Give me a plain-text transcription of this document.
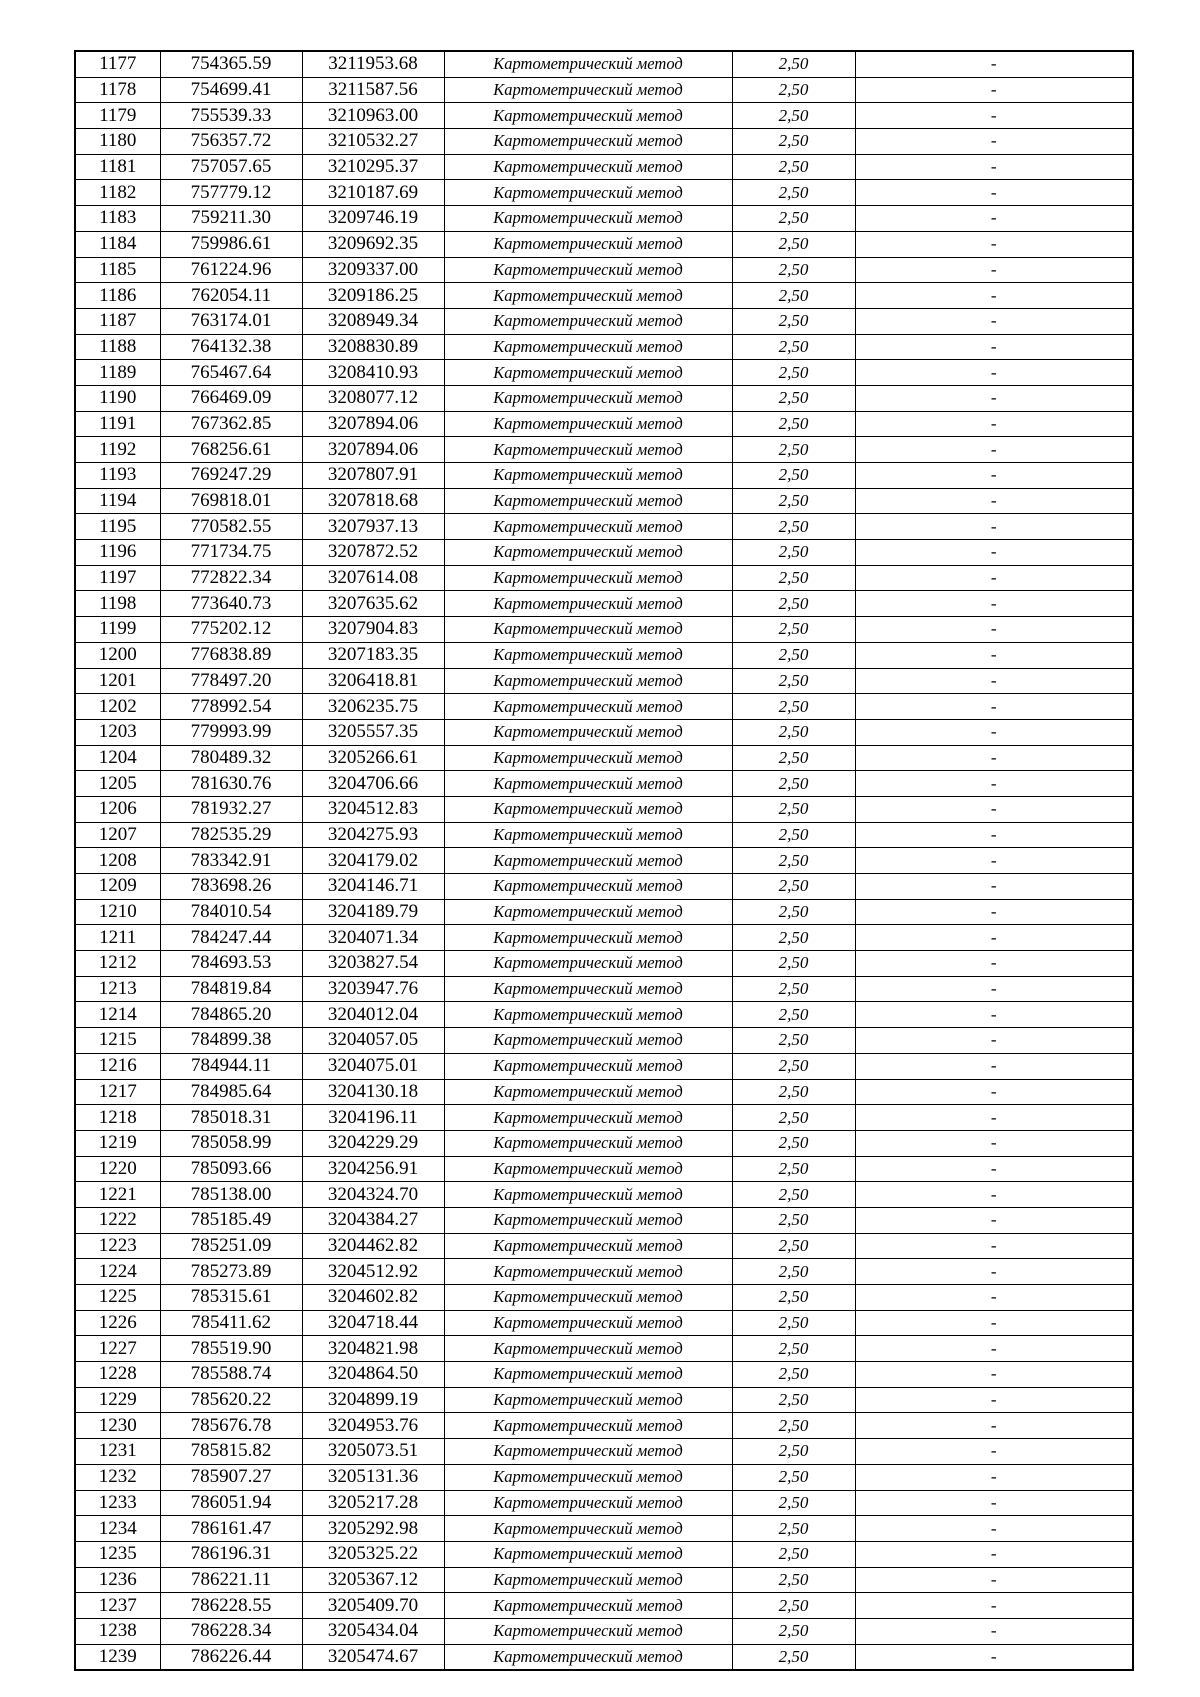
1177	754365.59	3211953.68	Картометрический метод	2,50	-
1178	754699.41	3211587.56	Картометрический метод	2,50	-
1179	755539.33	3210963.00	Картометрический метод	2,50	-
1180	756357.72	3210532.27	Картометрический метод	2,50	-
1181	757057.65	3210295.37	Картометрический метод	2,50	-
1182	757779.12	3210187.69	Картометрический метод	2,50	-
1183	759211.30	3209746.19	Картометрический метод	2,50	-
1184	759986.61	3209692.35	Картометрический метод	2,50	-
1185	761224.96	3209337.00	Картометрический метод	2,50	-
1186	762054.11	3209186.25	Картометрический метод	2,50	-
1187	763174.01	3208949.34	Картометрический метод	2,50	-
1188	764132.38	3208830.89	Картометрический метод	2,50	-
1189	765467.64	3208410.93	Картометрический метод	2,50	-
1190	766469.09	3208077.12	Картометрический метод	2,50	-
1191	767362.85	3207894.06	Картометрический метод	2,50	-
1192	768256.61	3207894.06	Картометрический метод	2,50	-
1193	769247.29	3207807.91	Картометрический метод	2,50	-
1194	769818.01	3207818.68	Картометрический метод	2,50	-
1195	770582.55	3207937.13	Картометрический метод	2,50	-
1196	771734.75	3207872.52	Картометрический метод	2,50	-
1197	772822.34	3207614.08	Картометрический метод	2,50	-
1198	773640.73	3207635.62	Картометрический метод	2,50	-
1199	775202.12	3207904.83	Картометрический метод	2,50	-
1200	776838.89	3207183.35	Картометрический метод	2,50	-
1201	778497.20	3206418.81	Картометрический метод	2,50	-
1202	778992.54	3206235.75	Картометрический метод	2,50	-
1203	779993.99	3205557.35	Картометрический метод	2,50	-
1204	780489.32	3205266.61	Картометрический метод	2,50	-
1205	781630.76	3204706.66	Картометрический метод	2,50	-
1206	781932.27	3204512.83	Картометрический метод	2,50	-
1207	782535.29	3204275.93	Картометрический метод	2,50	-
1208	783342.91	3204179.02	Картометрический метод	2,50	-
1209	783698.26	3204146.71	Картометрический метод	2,50	-
1210	784010.54	3204189.79	Картометрический метод	2,50	-
1211	784247.44	3204071.34	Картометрический метод	2,50	-
1212	784693.53	3203827.54	Картометрический метод	2,50	-
1213	784819.84	3203947.76	Картометрический метод	2,50	-
1214	784865.20	3204012.04	Картометрический метод	2,50	-
1215	784899.38	3204057.05	Картометрический метод	2,50	-
1216	784944.11	3204075.01	Картометрический метод	2,50	-
1217	784985.64	3204130.18	Картометрический метод	2,50	-
1218	785018.31	3204196.11	Картометрический метод	2,50	-
1219	785058.99	3204229.29	Картометрический метод	2,50	-
1220	785093.66	3204256.91	Картометрический метод	2,50	-
1221	785138.00	3204324.70	Картометрический метод	2,50	-
1222	785185.49	3204384.27	Картометрический метод	2,50	-
1223	785251.09	3204462.82	Картометрический метод	2,50	-
1224	785273.89	3204512.92	Картометрический метод	2,50	-
1225	785315.61	3204602.82	Картометрический метод	2,50	-
1226	785411.62	3204718.44	Картометрический метод	2,50	-
1227	785519.90	3204821.98	Картометрический метод	2,50	-
1228	785588.74	3204864.50	Картометрический метод	2,50	-
1229	785620.22	3204899.19	Картометрический метод	2,50	-
1230	785676.78	3204953.76	Картометрический метод	2,50	-
1231	785815.82	3205073.51	Картометрический метод	2,50	-
1232	785907.27	3205131.36	Картометрический метод	2,50	-
1233	786051.94	3205217.28	Картометрический метод	2,50	-
1234	786161.47	3205292.98	Картометрический метод	2,50	-
1235	786196.31	3205325.22	Картометрический метод	2,50	-
1236	786221.11	3205367.12	Картометрический метод	2,50	-
1237	786228.55	3205409.70	Картометрический метод	2,50	-
1238	786228.34	3205434.04	Картометрический метод	2,50	-
1239	786226.44	3205474.67	Картометрический метод	2,50	-
